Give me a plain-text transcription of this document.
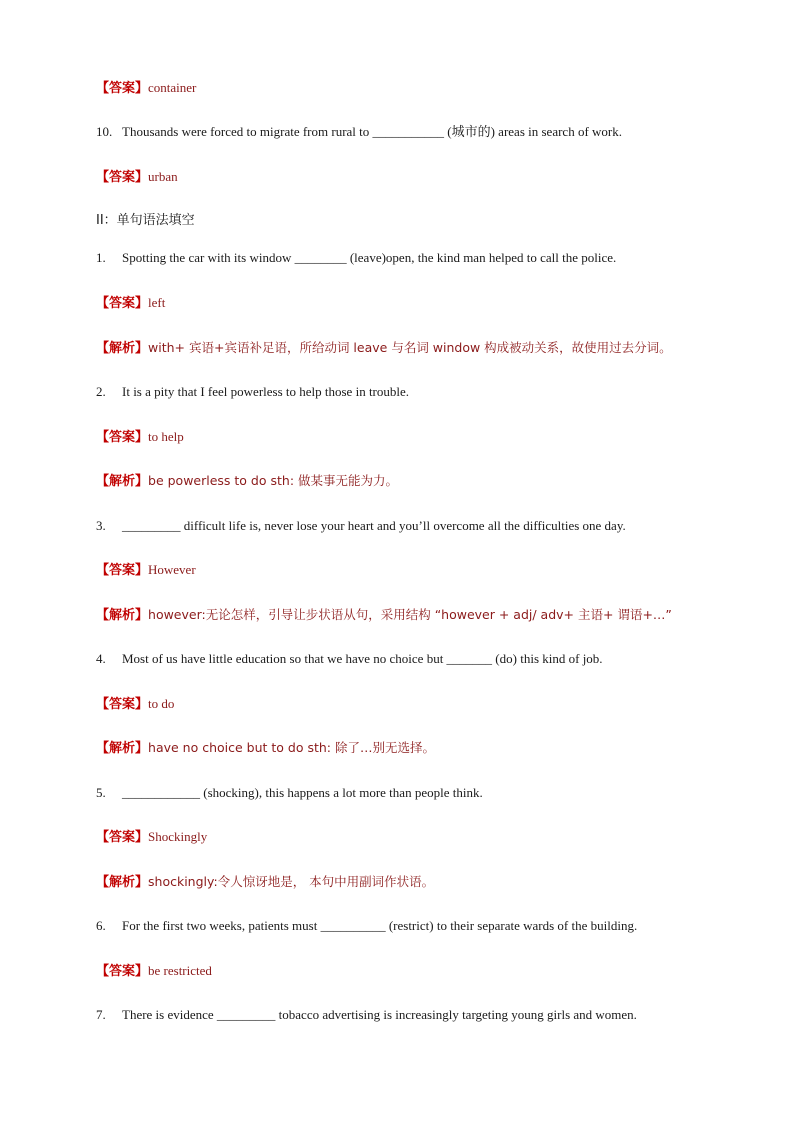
【答案】container
10. Thousands were forced to migrate from rural to ___________ (城市的) areas in search of work.
【答案】urban
II：单句语法填空
1. Spotting the car with its window ________ (leave)open, the kind man helped to call the police.
【答案】left
【解析】with+ 宾语+宾语补足语，所给动词 leave 与名词 window 构成被动关系，故使用过去分词。
2. It is a pity that I feel powerless to help those in trouble.
【答案】to help
【解析】be powerless to do sth: 做某事无能为力。
3. _________ difficult life is, never lose your heart and you’ll overcome all the difficulties one day.
【答案】However
【解析】however:无论怎样，引导让步状语从句，采用结构 “however + adj/ adv+ 主语+ 谓语+…”
4. Most of us have little education so that we have no choice but _______ (do) this kind of job.
【答案】to do
【解析】have no choice but to do sth: 除了…别无选择。
5. ____________ (shocking), this happens a lot more than people think.
【答案】Shockingly
【解析】shockingly:令人惊讶地是， 本句中用副词作状语。
6. For the first two weeks, patients must __________ (restrict) to their separate wards of the building.
【答案】be restricted
7. There is evidence _________ tobacco advertising is increasingly targeting young girls and women.
